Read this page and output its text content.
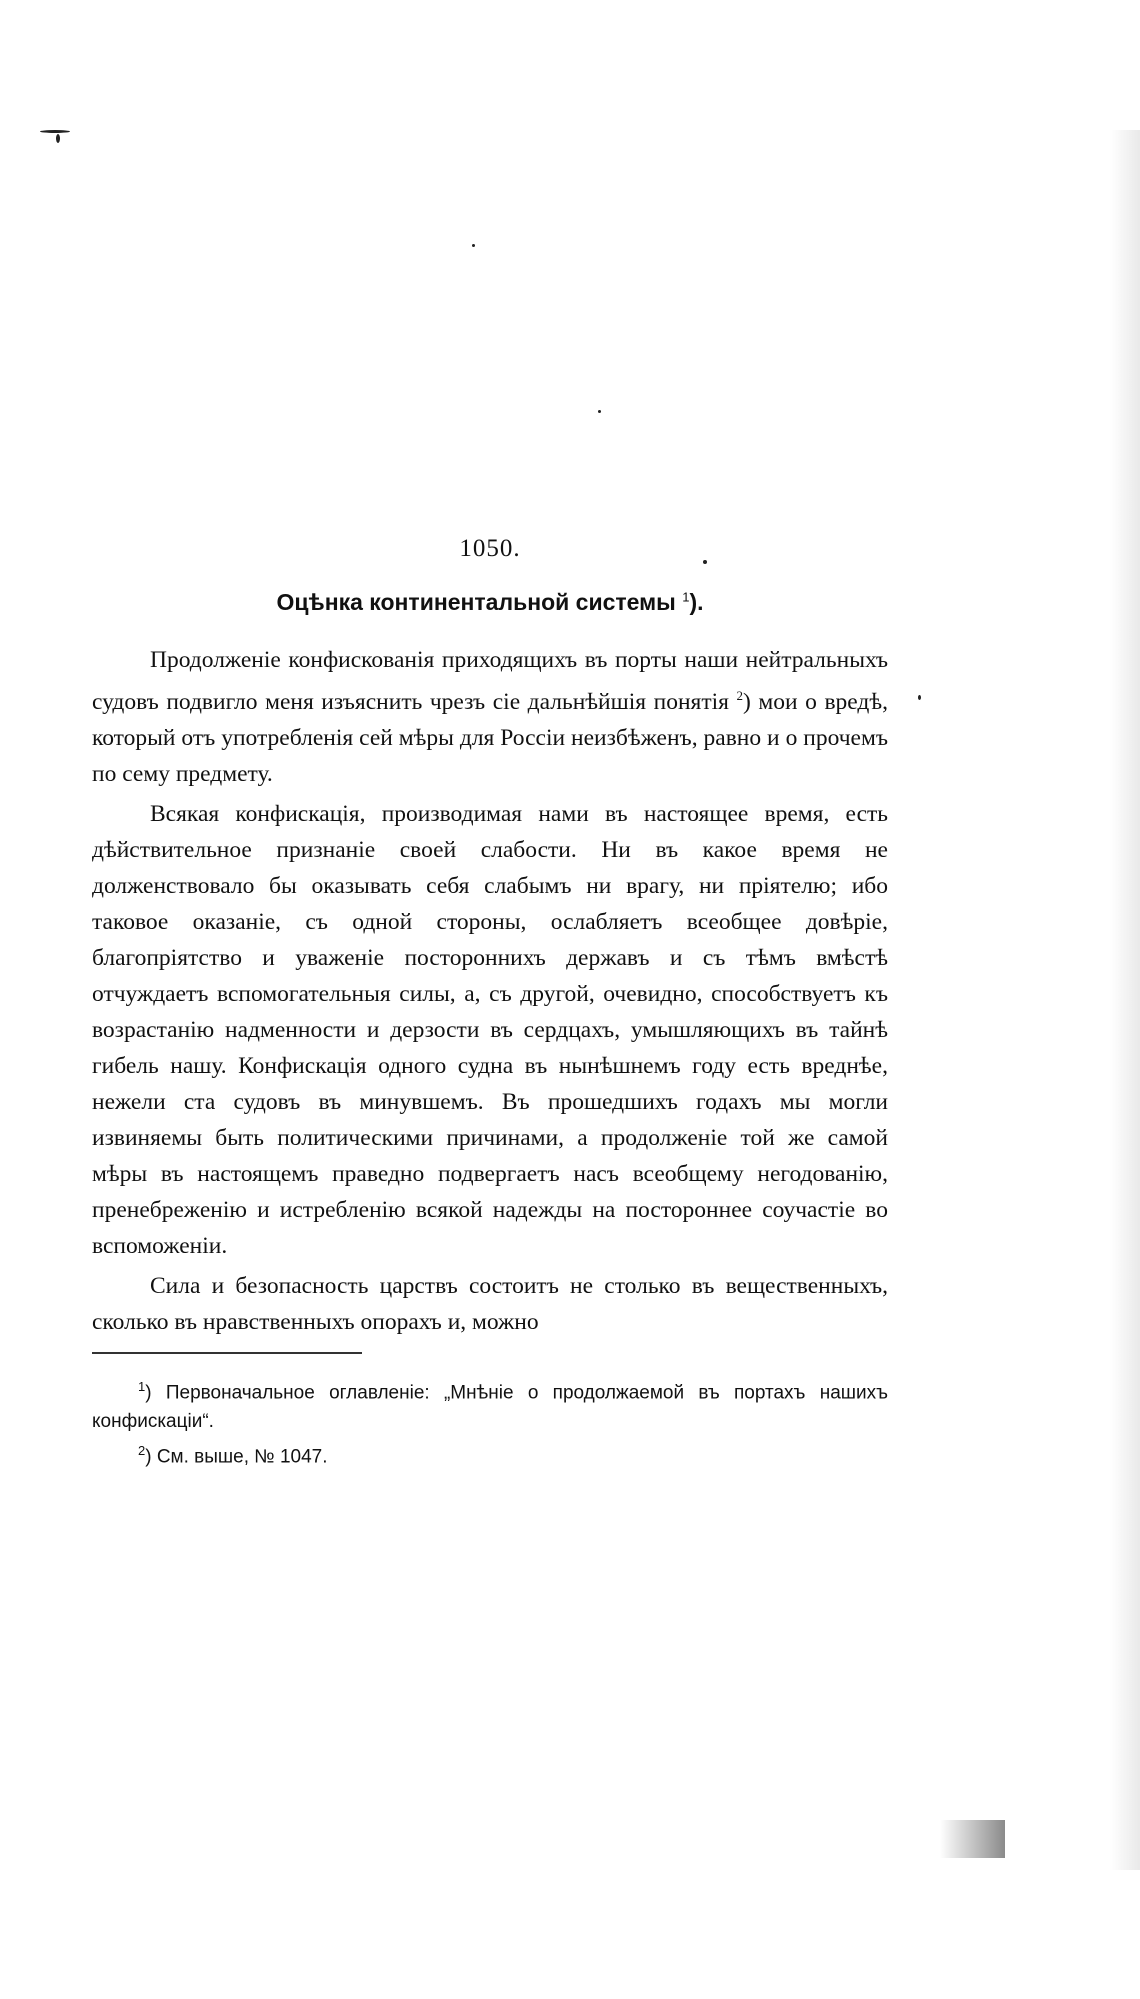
1050.
Оцѣнка континентальной системы $^1$).

Продолженіе конфискованія приходящихъ въ порты наши нейтральныхъ судовъ подвигло меня изъяснить чрезъ сіе дальнѣйшія понятія $^2$) мои о вредѣ, который отъ употребленія сей мѣры для Россіи неизбѣженъ, равно и о прочемъ по сему предмету.

Всякая конфискація, производимая нами въ настоящее время, есть дѣйствительное признаніе своей слабости. Ни въ какое время не долженствовало бы оказывать себя слабымъ ни врагу, ни пріятелю; ибо таковое оказаніе, съ одной стороны, ослабляетъ всеобщее довѣріе, благопріятство и уваженіе постороннихъ державъ и съ тѣмъ вмѣстѣ отчуждаетъ вспомогательныя силы, а, съ другой, очевидно, способствуетъ къ возрастанію надменности и дерзости въ сердцахъ, умышляющихъ въ тайнѣ гибель нашу. Конфискація одного судна въ нынѣшнемъ году есть вреднѣе, нежели ста судовъ въ минувшемъ. Въ прошедшихъ годахъ мы могли извиняемы быть политическими причинами, а продолженіе той же самой мѣры въ настоящемъ праведно подвергаетъ насъ всеобщему негодованію, пренебреженію и истребленію всякой надежды на постороннее соучастіе во вспоможеніи.

Сила и безопасность царствъ состоитъ не столько въ вещественныхъ, сколько въ нравственныхъ опорахъ и, можно

$^1$) Первоначальное оглавленіе: „Мнѣніе о продолжаемой въ портахъ нашихъ конфискаціи“.

$^2$) См. выше, № 1047.
